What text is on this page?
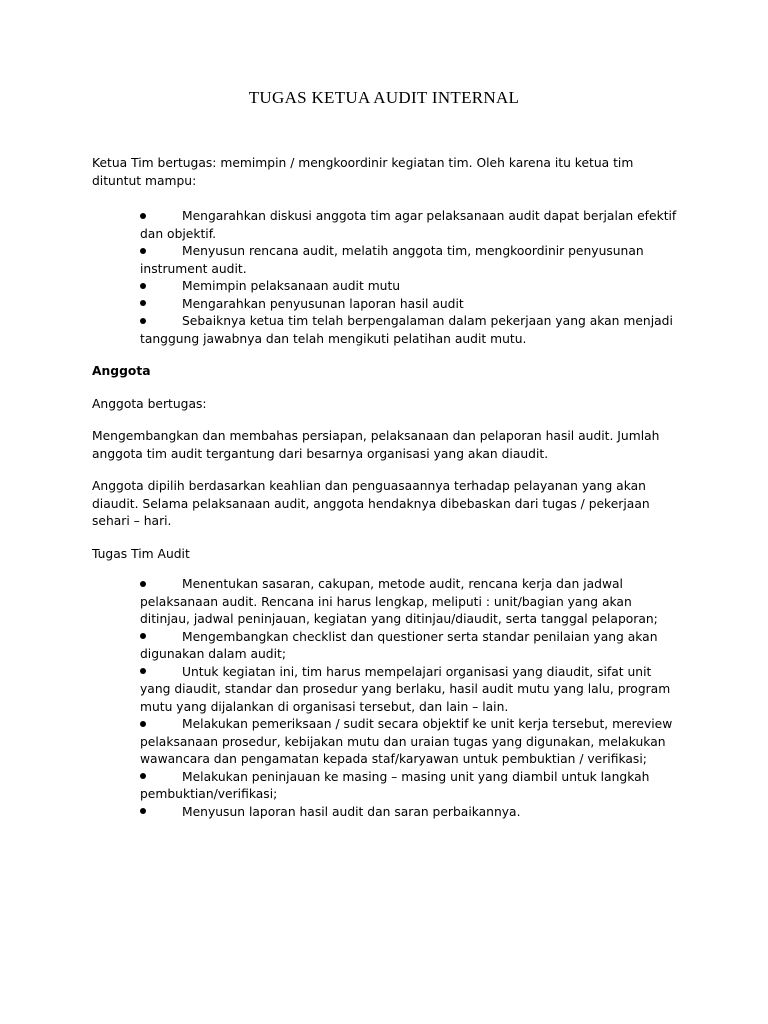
TUGAS KETUA AUDIT INTERNAL

Ketua Tim bertugas: memimpin / mengkoordinir kegiatan tim. Oleh karena itu ketua tim dituntut mampu:

Mengarahkan diskusi anggota tim agar pelaksanaan audit dapat berjalan efektif dan objektif.
Menyusun rencana audit, melatih anggota tim, mengkoordinir penyusunan instrument audit.
Memimpin pelaksanaan audit mutu
Mengarahkan penyusunan laporan hasil audit
Sebaiknya ketua tim telah berpengalaman dalam pekerjaan yang akan menjadi tanggung jawabnya dan telah mengikuti pelatihan audit mutu.

Anggota

Anggota bertugas:

Mengembangkan dan membahas persiapan, pelaksanaan dan pelaporan hasil audit. Jumlah anggota tim audit tergantung dari besarnya organisasi yang akan diaudit.

Anggota dipilih berdasarkan keahlian dan penguasaannya terhadap pelayanan yang akan diaudit. Selama pelaksanaan audit, anggota hendaknya dibebaskan dari tugas / pekerjaan sehari – hari.

Tugas Tim Audit

Menentukan sasaran, cakupan, metode audit, rencana kerja dan jadwal pelaksanaan audit. Rencana ini harus lengkap, meliputi : unit/bagian yang akan ditinjau, jadwal peninjauan, kegiatan yang ditinjau/diaudit, serta tanggal pelaporan;
Mengembangkan checklist dan questioner serta standar penilaian yang akan digunakan dalam audit;
Untuk kegiatan ini, tim harus mempelajari organisasi yang diaudit, sifat unit yang diaudit, standar dan prosedur yang berlaku, hasil audit mutu yang lalu, program mutu yang dijalankan di organisasi tersebut, dan lain – lain.
Melakukan pemeriksaan / sudit secara objektif ke unit kerja tersebut, mereview pelaksanaan prosedur, kebijakan mutu dan uraian tugas yang digunakan, melakukan wawancara dan pengamatan kepada staf/karyawan untuk pembuktian / verifikasi;
Melakukan peninjauan ke masing – masing unit yang diambil untuk langkah pembuktian/verifikasi;
Menyusun laporan hasil audit dan saran perbaikannya.
